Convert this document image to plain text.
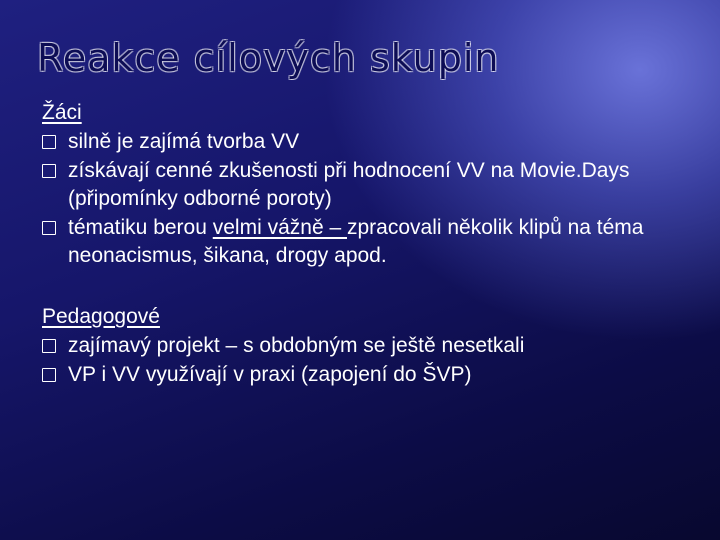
Reakce cílových skupin
Žáci
silně je zajímá tvorba VV
získávají cenné zkušenosti při hodnocení VV na Movie.Days (připomínky odborné poroty)
tématiku berou velmi vážně – zpracovali několik klipů na téma neonacismus, šikana, drogy apod.
Pedagogové
zajímavý projekt – s obdobným se ještě nesetkali
VP i VV využívají v praxi (zapojení do ŠVP)
